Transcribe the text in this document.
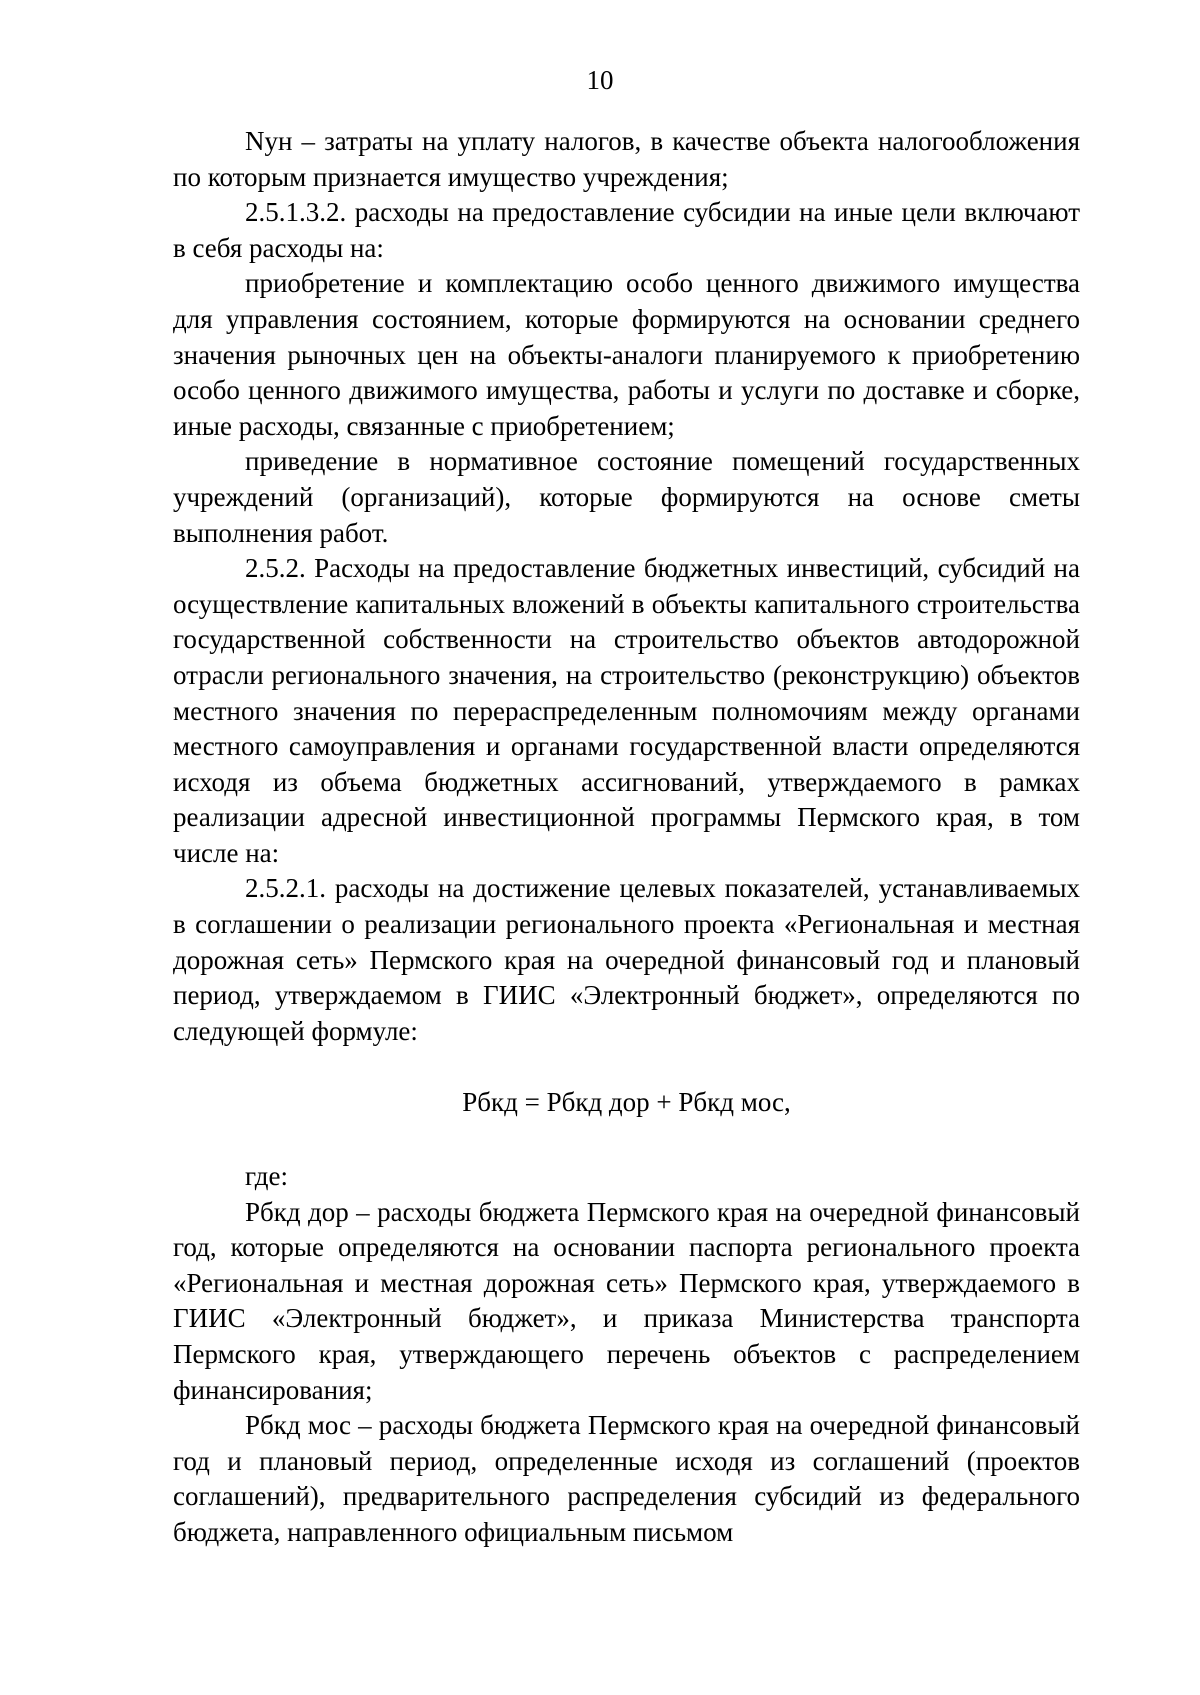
10

Nун – затраты на уплату налогов, в качестве объекта налогообложения по которым признается имущество учреждения;

2.5.1.3.2. расходы на предоставление субсидии на иные цели включают в себя расходы на:

приобретение и комплектацию особо ценного движимого имущества для управления состоянием, которые формируются на основании среднего значения рыночных цен на объекты-аналоги планируемого к приобретению особо ценного движимого имущества, работы и услуги по доставке и сборке, иные расходы, связанные с приобретением;

приведение в нормативное состояние помещений государственных учреждений (организаций), которые формируются на основе сметы выполнения работ.

2.5.2. Расходы на предоставление бюджетных инвестиций, субсидий на осуществление капитальных вложений в объекты капитального строительства государственной собственности на строительство объектов автодорожной отрасли регионального значения, на строительство (реконструкцию) объектов местного значения по перераспределенным полномочиям между органами местного самоуправления и органами государственной власти определяются исходя из объема бюджетных ассигнований, утверждаемого в рамках реализации адресной инвестиционной программы Пермского края, в том числе на:

2.5.2.1. расходы на достижение целевых показателей, устанавливаемых в соглашении о реализации регионального проекта «Региональная и местная дорожная сеть» Пермского края на очередной финансовый год и плановый период, утверждаемом в ГИИС «Электронный бюджет», определяются по следующей формуле:

Рбкд = Рбкд дор + Рбкд мос,

где:

Рбкд дор – расходы бюджета Пермского края на очередной финансовый год, которые определяются на основании паспорта регионального проекта «Региональная и местная дорожная сеть» Пермского края, утверждаемого в ГИИС «Электронный бюджет», и приказа Министерства транспорта Пермского края, утверждающего перечень объектов с распределением финансирования;

Рбкд мос – расходы бюджета Пермского края на очередной финансовый год и плановый период, определенные исходя из соглашений (проектов соглашений), предварительного распределения субсидий из федерального бюджета, направленного официальным письмом
